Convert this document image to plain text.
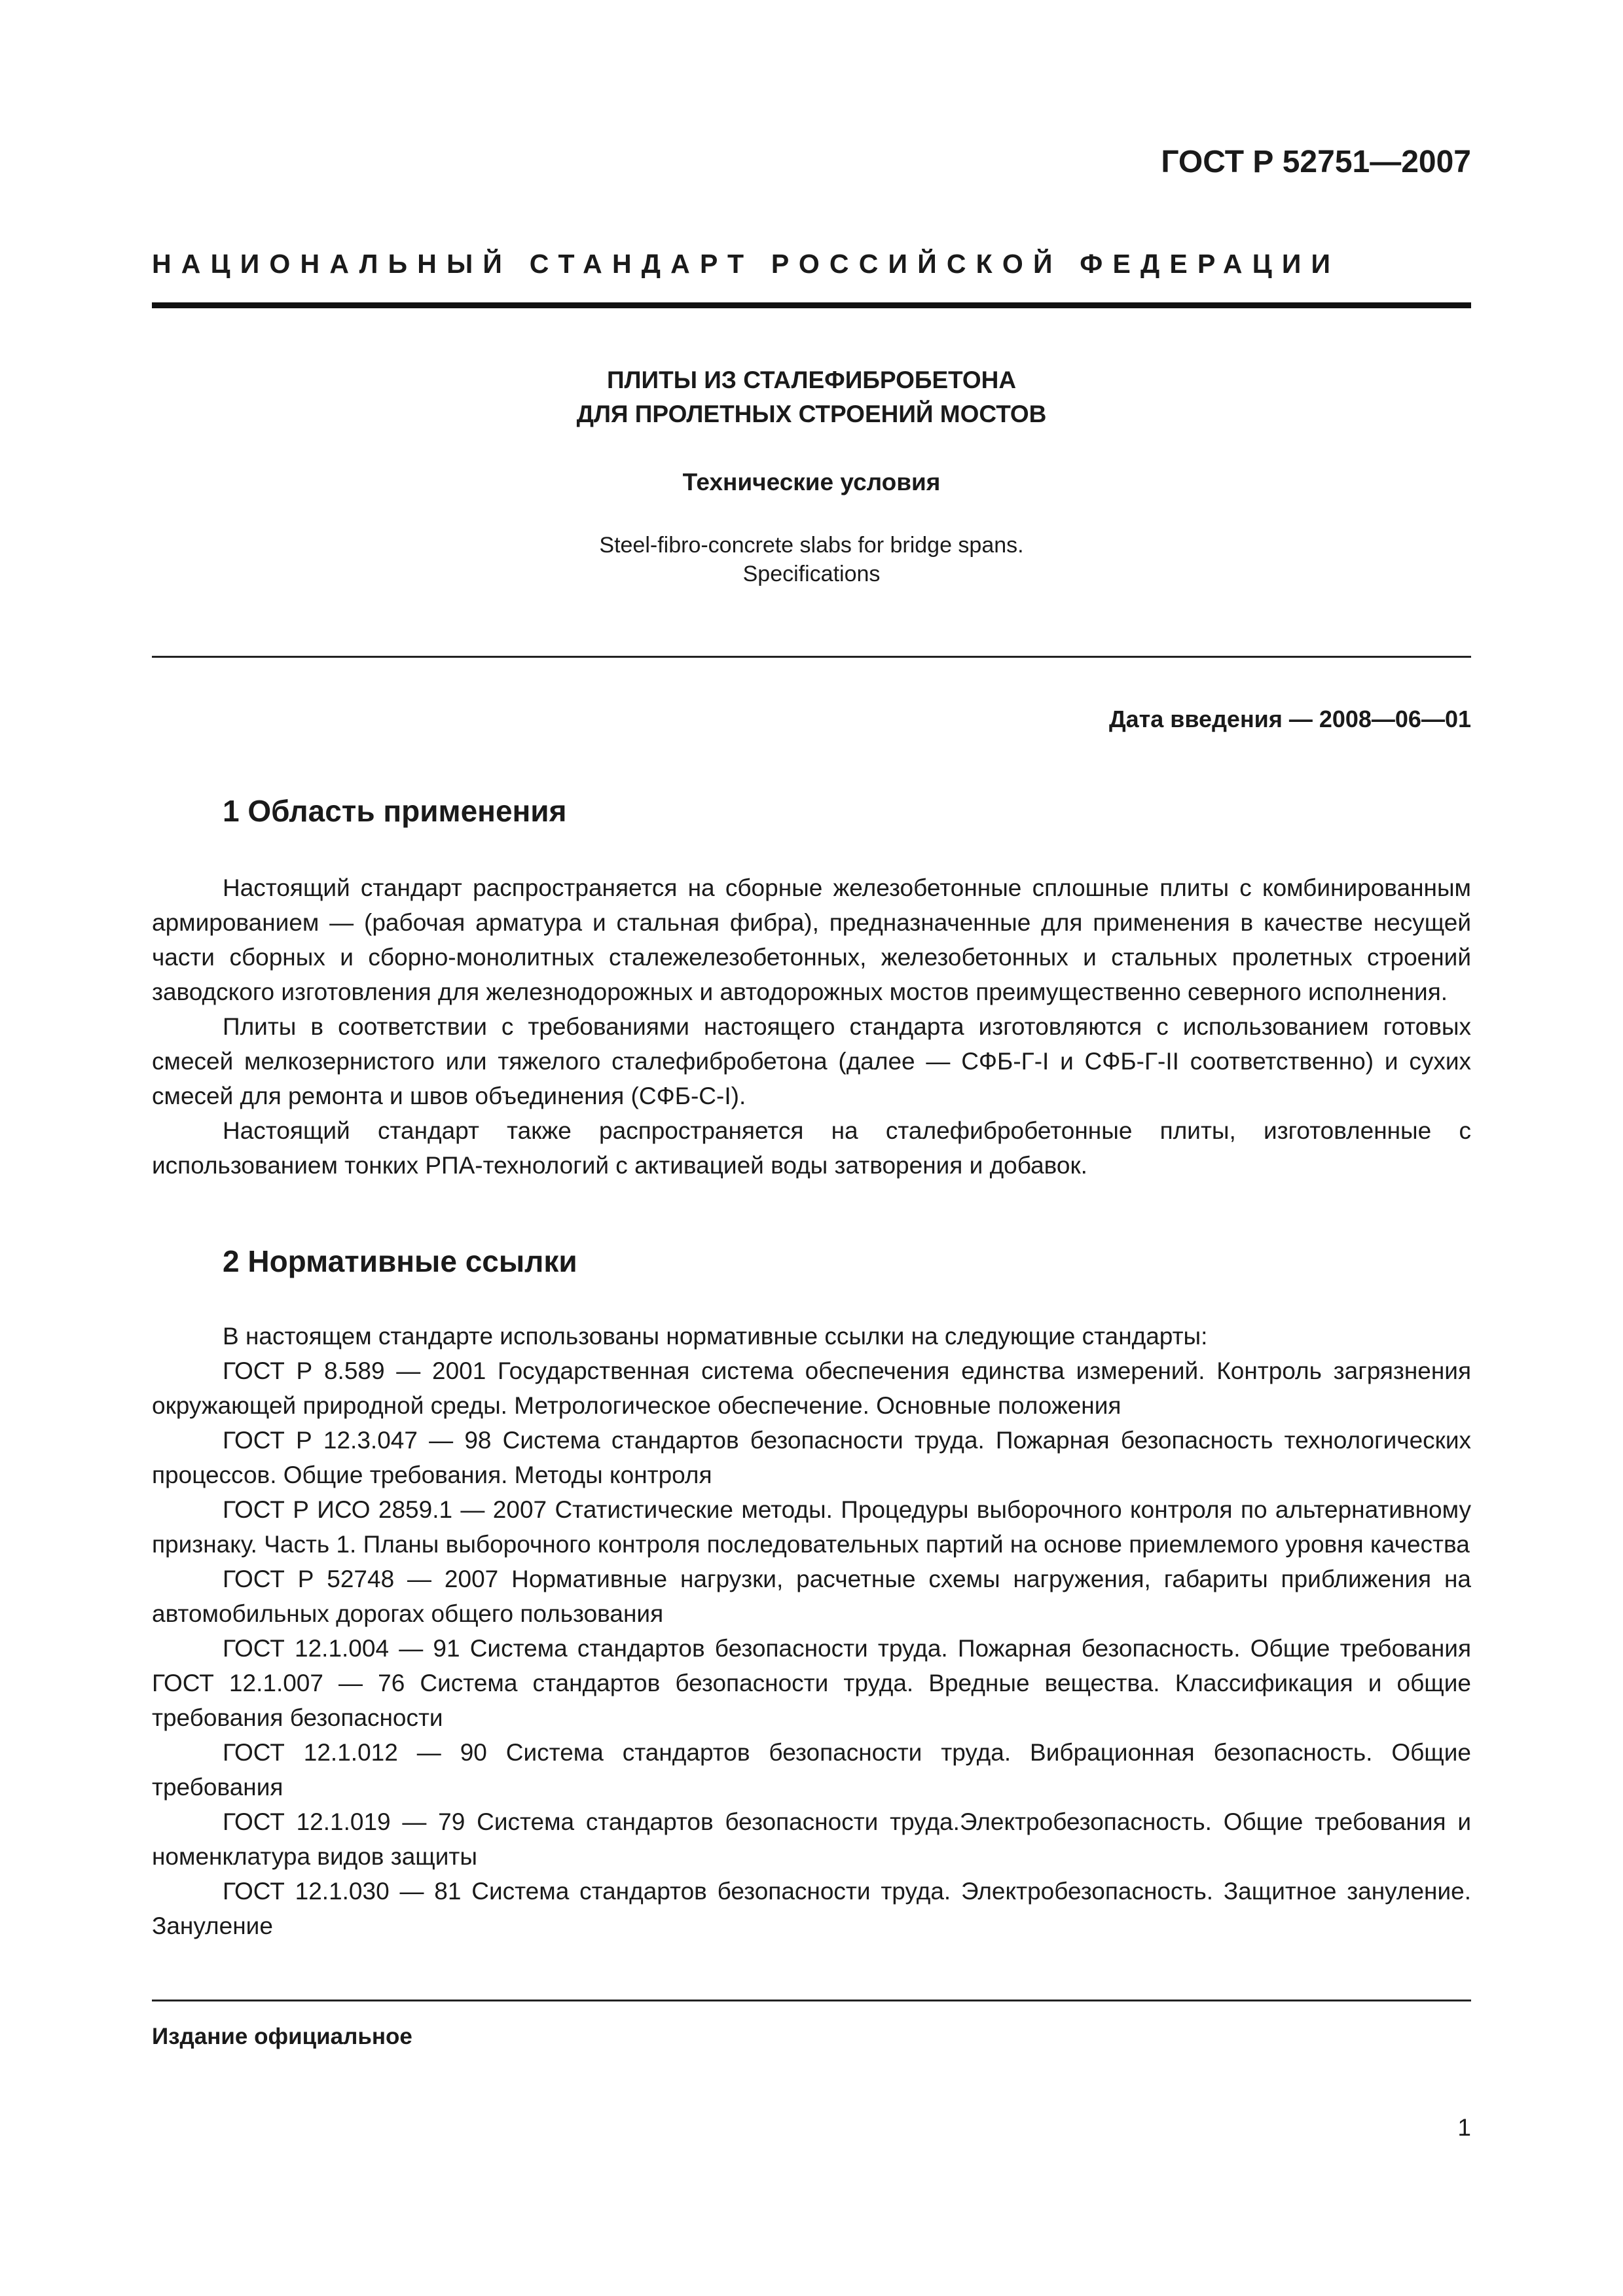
ГОСТ Р 52751—2007
НАЦИОНАЛЬНЫЙ СТАНДАРТ РОССИЙСКОЙ ФЕДЕРАЦИИ
ПЛИТЫ ИЗ СТАЛЕФИБРОБЕТОНА
ДЛЯ ПРОЛЕТНЫХ СТРОЕНИЙ МОСТОВ
Технические условия
Steel-fibro-concrete slabs for bridge spans.
Specifications
Дата введения — 2008—06—01
1 Область применения

Настоящий стандарт распространяется на сборные железобетонные сплошные плиты с комбинированным армированием — (рабочая арматура и стальная фибра), предназначенные для применения в качестве несущей части сборных и сборно-монолитных сталежелезобетонных, железобетонных и стальных пролетных строений заводского изготовления для железнодорожных и автодорожных мостов преимущественно северного исполнения.

Плиты в соответствии с требованиями настоящего стандарта изготовляются с использованием готовых смесей мелкозернистого или тяжелого сталефибробетона (далее — СФБ-Г-I и СФБ-Г-II соответственно) и сухих смесей для ремонта и швов объединения (СФБ-С-I).

Настоящий стандарт также распространяется на сталефибробетонные плиты, изготовленные с использованием тонких РПА-технологий с активацией воды затворения и добавок.

2 Нормативные ссылки

В настоящем стандарте использованы нормативные ссылки на следующие стандарты:

ГОСТ Р 8.589 — 2001 Государственная система обеспечения единства измерений. Контроль загрязнения окружающей природной среды. Метрологическое обеспечение. Основные положения

ГОСТ Р 12.3.047 — 98 Система стандартов безопасности труда. Пожарная безопасность технологических процессов. Общие требования. Методы контроля

ГОСТ Р ИСО 2859.1 — 2007 Статистические методы. Процедуры выборочного контроля по альтернативному признаку. Часть 1. Планы выборочного контроля последовательных партий на основе приемлемого уровня качества

ГОСТ Р 52748 — 2007 Нормативные нагрузки, расчетные схемы нагружения, габариты приближения на автомобильных дорогах общего пользования

ГОСТ 12.1.004 — 91 Система стандартов безопасности труда. Пожарная безопасность. Общие требования ГОСТ 12.1.007 — 76 Система стандартов безопасности труда. Вредные вещества. Классификация и общие требования безопасности

ГОСТ 12.1.012 — 90 Система стандартов безопасности труда. Вибрационная безопасность. Общие требования

ГОСТ 12.1.019 — 79 Система стандартов безопасности труда.Электробезопасность. Общие требования и номенклатура видов защиты

ГОСТ 12.1.030 — 81 Система стандартов безопасности труда. Электробезопасность. Защитное зануление. Зануление

Издание официальное
1
